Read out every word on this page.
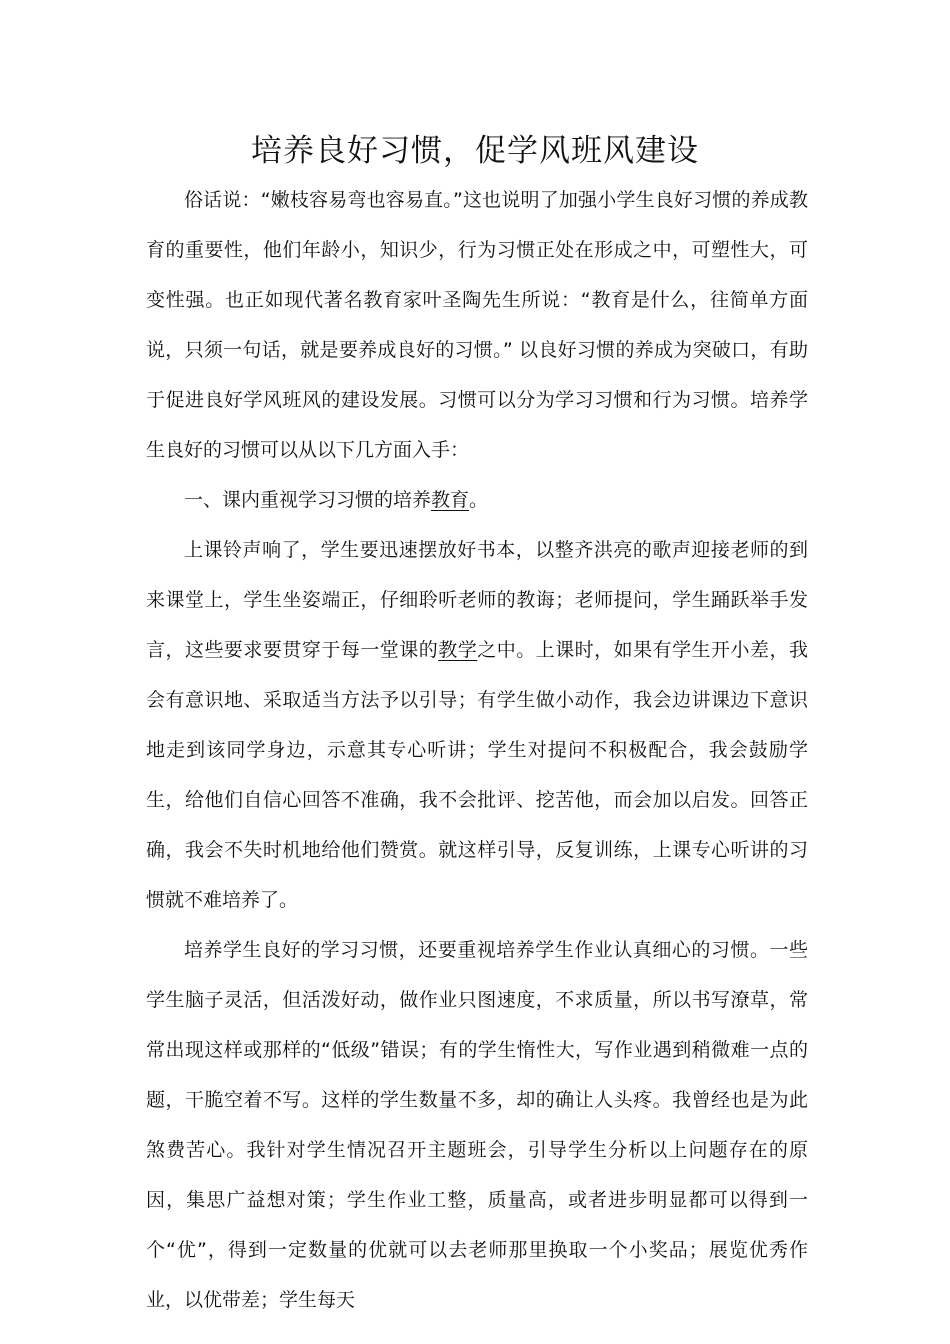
培养良好习惯，促学风班风建设

俗话说：“嫩枝容易弯也容易直。”这也说明了加强小学生良好习惯的养成教育的重要性，他们年龄小，知识少，行为习惯正处在形成之中，可塑性大，可变性强。也正如现代著名教育家叶圣陶先生所说：“教育是什么，往简单方面说，只须一句话，就是要养成良好的习惯。” 以良好习惯的养成为突破口，有助于促进良好学风班风的建设发展。习惯可以分为学习习惯和行为习惯。培养学生良好的习惯可以从以下几方面入手：

一、课内重视学习习惯的培养教育。

上课铃声响了，学生要迅速摆放好书本，以整齐洪亮的歌声迎接老师的到来课堂上，学生坐姿端正，仔细聆听老师的教诲；老师提问，学生踊跃举手发言，这些要求要贯穿于每一堂课的教学之中。上课时，如果有学生开小差，我会有意识地、采取适当方法予以引导；有学生做小动作，我会边讲课边下意识地走到该同学身边，示意其专心听讲；学生对提问不积极配合，我会鼓励学生，给他们自信心回答不准确，我不会批评、挖苦他，而会加以启发。回答正确，我会不失时机地给他们赞赏。就这样引导，反复训练，上课专心听讲的习惯就不难培养了。

培养学生良好的学习习惯，还要重视培养学生作业认真细心的习惯。一些学生脑子灵活，但活泼好动，做作业只图速度，不求质量，所以书写潦草，常常出现这样或那样的“低级”错误；有的学生惰性大，写作业遇到稍微难一点的题，干脆空着不写。这样的学生数量不多，却的确让人头疼。我曾经也是为此煞费苦心。我针对学生情况召开主题班会，引导学生分析以上问题存在的原因，集思广益想对策；学生作业工整，质量高，或者进步明显都可以得到一个“优”，得到一定数量的优就可以去老师那里换取一个小奖品；展览优秀作业，以优带差；学生每天
